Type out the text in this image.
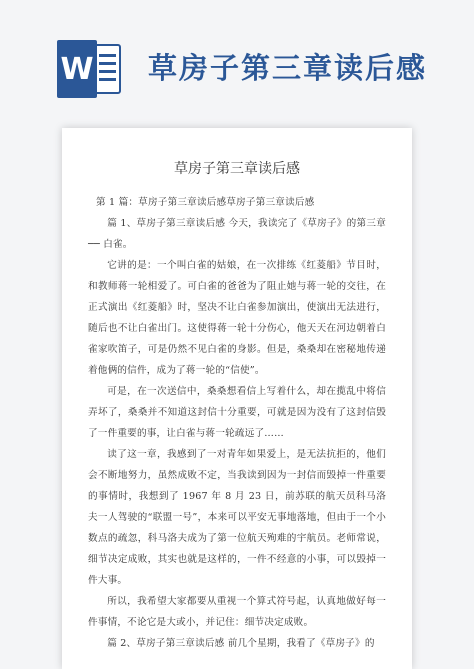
W 草房子第三章读后感
草房子第三章读后感

第 1 篇：草房子第三章读后感草房子第三章读后感

篇 1、草房子第三章读后感 今天，我读完了《草房子》的第三章── 白雀。

它讲的是：一个叫白雀的姑娘，在一次排练《红菱船》节目时，和教师蒋一轮相爱了。可白雀的爸爸为了阻止她与蒋一轮的交往，在正式演出《红菱船》时，坚决不让白雀参加演出，使演出无法进行，随后也不让白雀出门。这使得蒋一轮十分伤心，他天天在河边朝着白雀家吹笛子，可是仍然不见白雀的身影。但是，桑桑却在密秘地传递着他俩的信件，成为了蒋一轮的“信使”。

可是，在一次送信中，桑桑想看信上写着什么，却在揽乱中将信弄坏了，桑桑并不知道这封信十分重要，可就是因为没有了这封信毁了一件重要的事，让白雀与蒋一轮疏远了……

读了这一章，我感到了一对青年如果爱上，是无法抗拒的，他们会不断地努力，虽然成败不定，当我读到因为一封信而毁掉一件重要的事情时，我想到了 1967 年 8 月 23 日，前苏联的航天员科马洛夫一人驾驶的“联盟一号”，本来可以平安无事地落地，但由于一个小数点的疏忽，科马洛夫成为了第一位航天殉难的宇航员。老师常说，细节决定成败，其实也就是这样的，一件不经意的小事，可以毁掉一件大事。

所以，我希望大家都要从重视一个算式符号起，认真地做好每一件事情，不论它是大或小，并记住：细节决定成败。

篇 2、草房子第三章读后感 前几个星期，我看了《草房子》的
